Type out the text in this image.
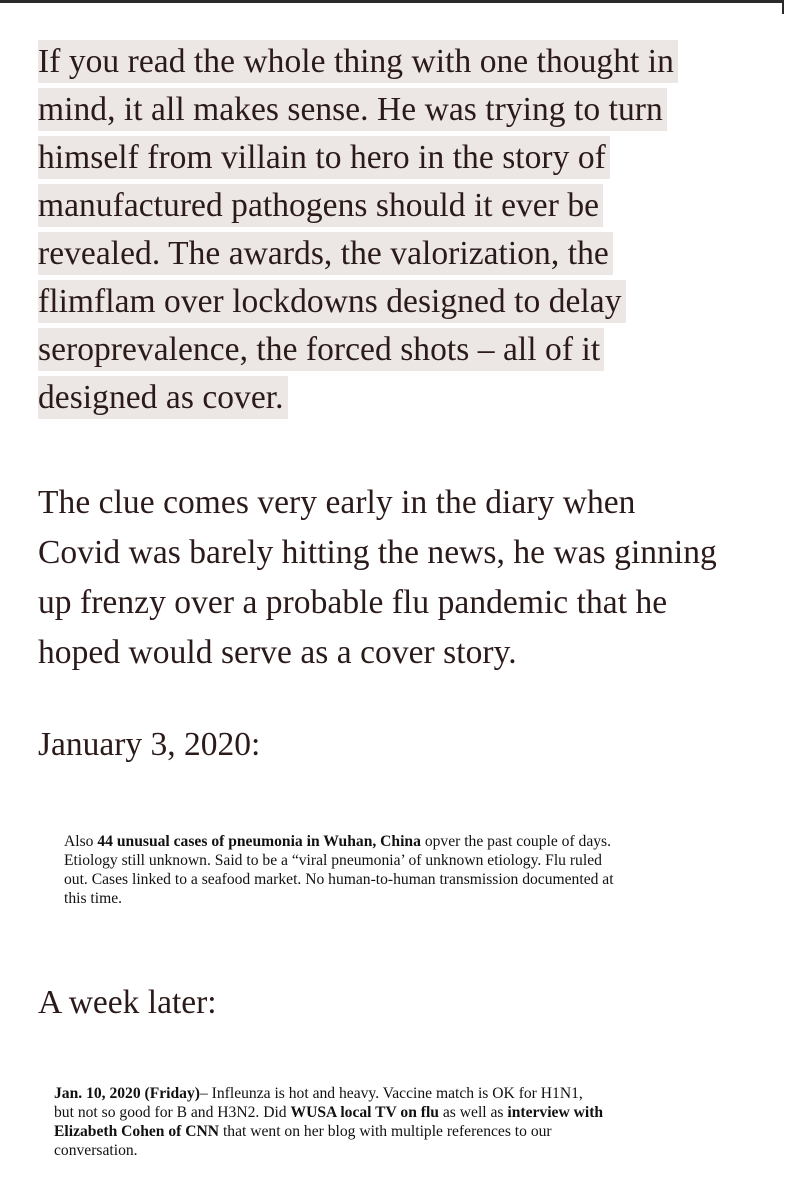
If you read the whole thing with one thought in
mind, it all makes sense. He was trying to turn
himself from villain to hero in the story of
manufactured pathogens should it ever be
revealed. The awards, the valorization, the
flimflam over lockdowns designed to delay
seroprevalence, the forced shots – all of it
designed as cover.
The clue comes very early in the diary when
Covid was barely hitting the news, he was ginning
up frenzy over a probable flu pandemic that he
hoped would serve as a cover story.
January 3, 2020:
Also 44 unusual cases of pneumonia in Wuhan, China opver the past couple of days.
Etiology still unknown. Said to be a “viral pneumonia’ of unknown etiology. Flu ruled
out. Cases linked to a seafood market. No human-to-human transmission documented at
this time.
A week later:
Jan. 10, 2020 (Friday)– Infleunza is hot and heavy. Vaccine match is OK for H1N1,
but not so good for B and H3N2. Did WUSA local TV on flu as well as interview with
Elizabeth Cohen of CNN that went on her blog with multiple references to our
conversation.
